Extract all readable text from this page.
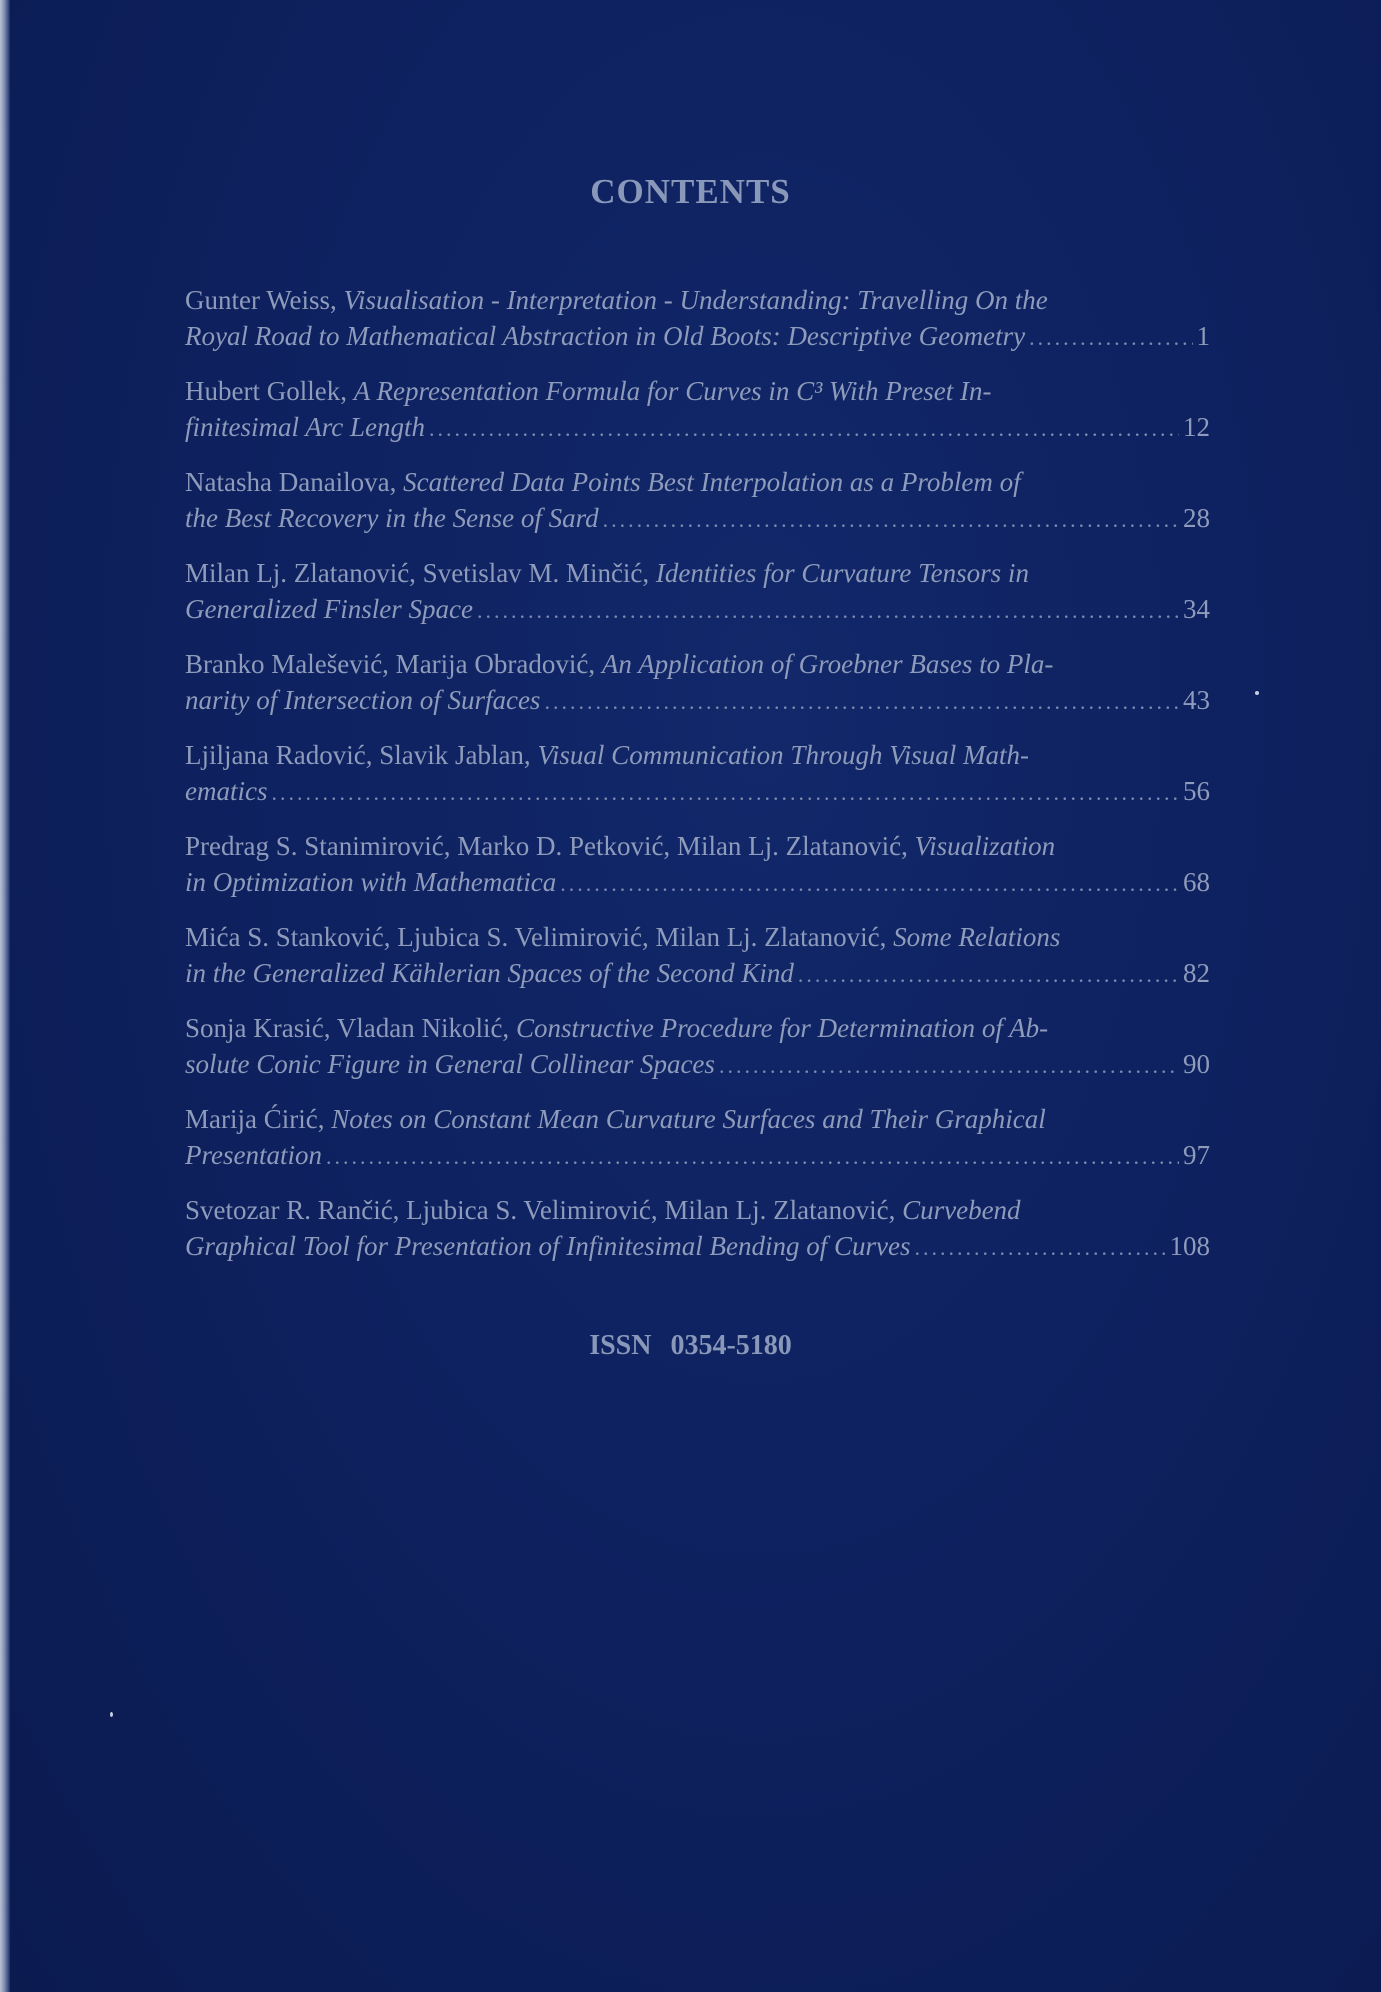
CONTENTS
Gunter Weiss, Visualisation - Interpretation - Understanding: Travelling On the
Royal Road to Mathematical Abstraction in Old Boots: Descriptive Geometry .....	1
Hubert Gollek, A Representation Formula for Curves in C³ With Preset In-
finitesimal Arc Length .....	12
Natasha Danailova, Scattered Data Points Best Interpolation as a Problem of
the Best Recovery in the Sense of Sard .....	28
Milan Lj. Zlatanović, Svetislav M. Minčić, Identities for Curvature Tensors in
Generalized Finsler Space .....	34
Branko Malešević, Marija Obradović, An Application of Groebner Bases to Pla-
narity of Intersection of Surfaces .....	43
Ljiljana Radović, Slavik Jablan, Visual Communication Through Visual Math-
ematics .....	56
Predrag S. Stanimirović, Marko D. Petković, Milan Lj. Zlatanović, Visualization
in Optimization with Mathematica .....	68
Mića S. Stanković, Ljubica S. Velimirović, Milan Lj. Zlatanović, Some Relations
in the Generalized Kählerian Spaces of the Second Kind .....	82
Sonja Krasić, Vladan Nikolić, Constructive Procedure for Determination of Ab-
solute Conic Figure in General Collinear Spaces .....	90
Marija Ćirić, Notes on Constant Mean Curvature Surfaces and Their Graphical
Presentation .....	97
Svetozar R. Rančić, Ljubica S. Velimirović, Milan Lj. Zlatanović, Curvebend
Graphical Tool for Presentation of Infinitesimal Bending of Curves .....	108
ISSN 0354-5180
